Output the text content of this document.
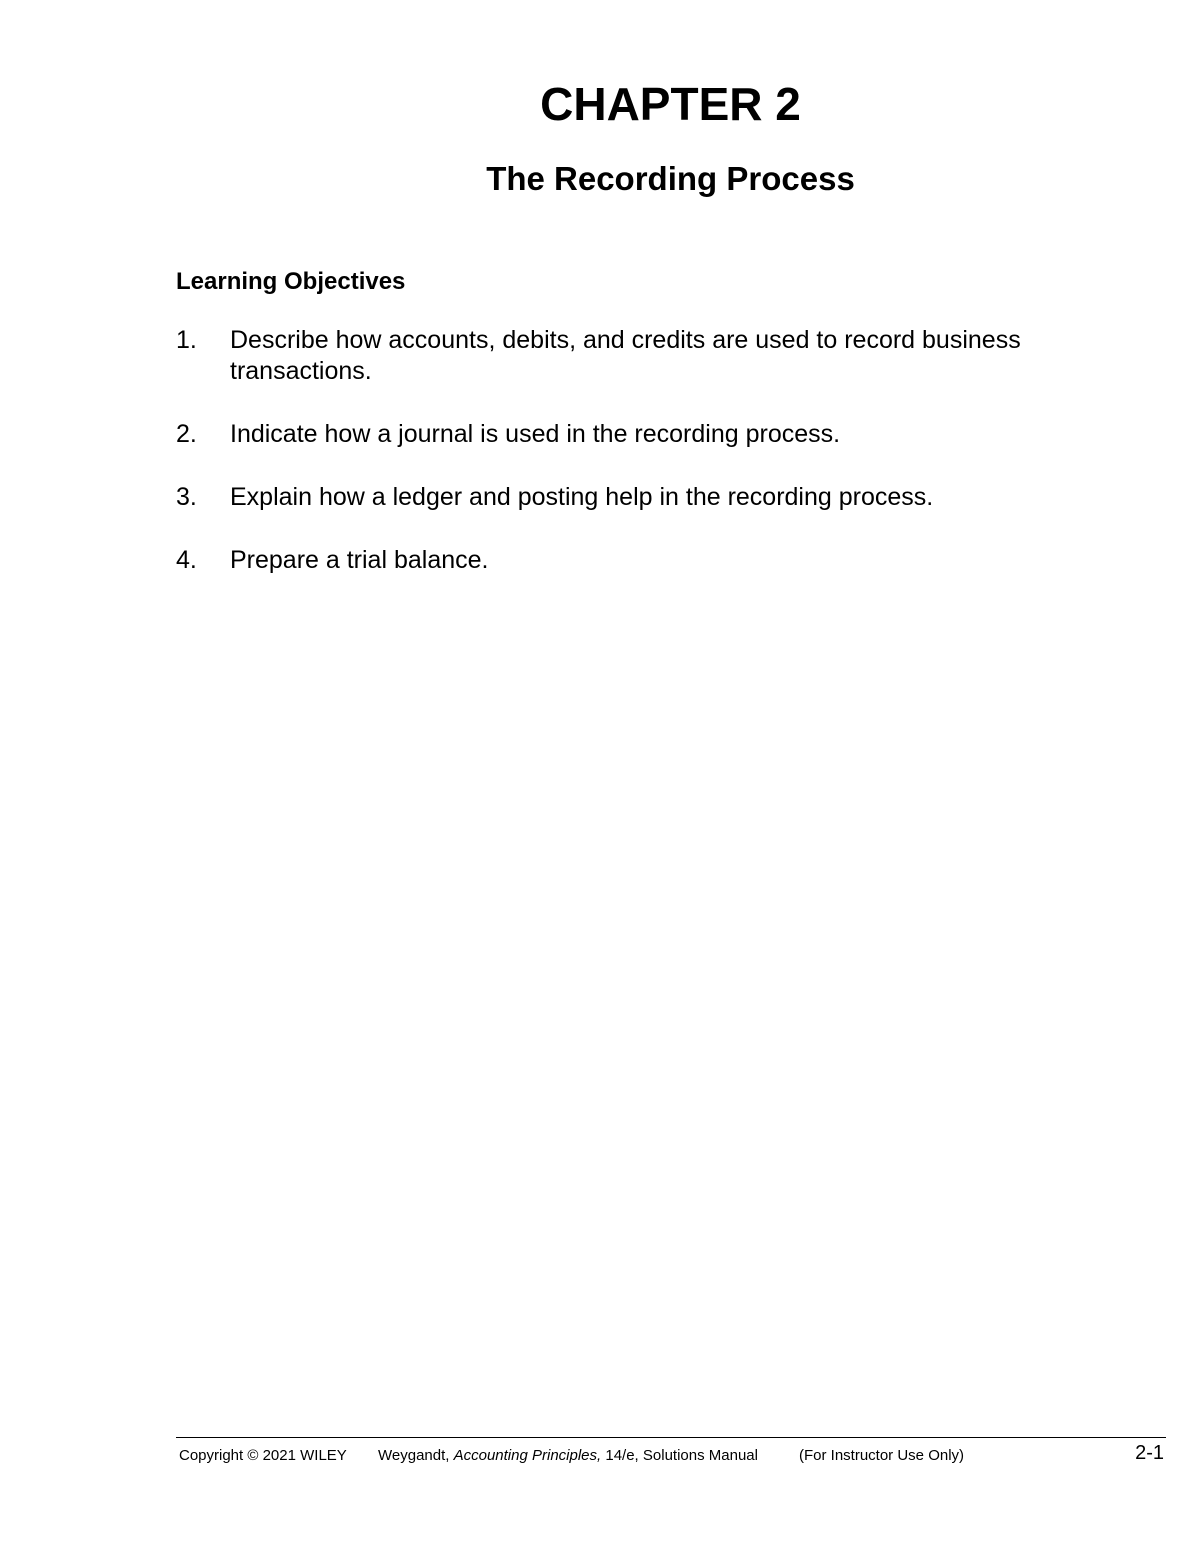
CHAPTER 2
The Recording Process
Learning Objectives
1. Describe how accounts, debits, and credits are used to record business transactions.
2. Indicate how a journal is used in the recording process.
3. Explain how a ledger and posting help in the recording process.
4. Prepare a trial balance.
Copyright © 2021 WILEY Weygandt, Accounting Principles, 14/e, Solutions Manual	(For Instructor Use Only)	2-1
